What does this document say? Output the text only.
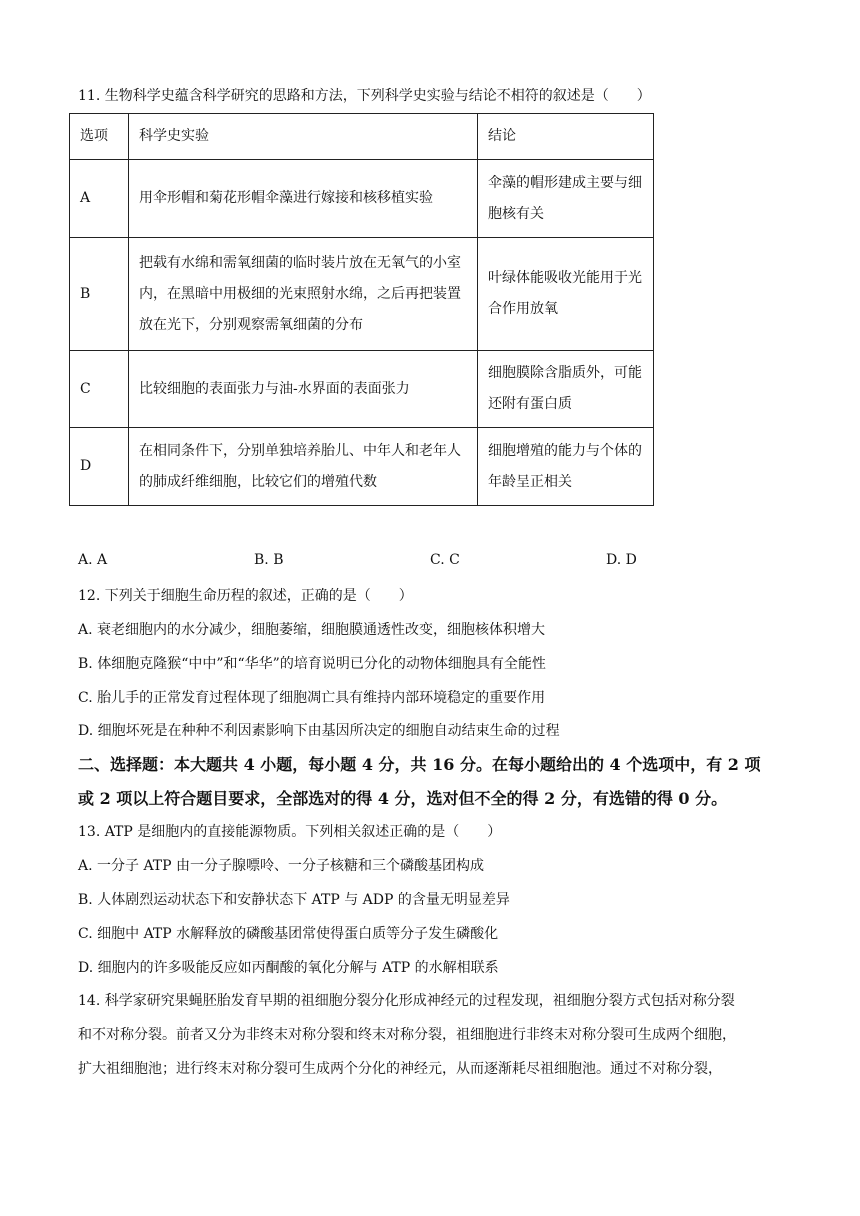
11. 生物科学史蕴含科学研究的思路和方法，下列科学史实验与结论不相符的叙述是（　　）
选项	科学史实验	结论
A	用伞形帽和菊花形帽伞藻进行嫁接和核移植实验	伞藻的帽形建成主要与细胞核有关
B	把载有水绵和需氧细菌的临时装片放在无氧气的小室内，在黑暗中用极细的光束照射水绵，之后再把装置放在光下，分别观察需氧细菌的分布	叶绿体能吸收光能用于光合作用放氧
C	比较细胞的表面张力与油-水界面的表面张力	细胞膜除含脂质外，可能还附有蛋白质
D	在相同条件下，分别单独培养胎儿、中年人和老年人的肺成纤维细胞，比较它们的增殖代数	细胞增殖的能力与个体的年龄呈正相关
A. A	B. B	C. C	D. D
12. 下列关于细胞生命历程的叙述，正确的是（　　）
A. 衰老细胞内的水分减少，细胞萎缩，细胞膜通透性改变，细胞核体积增大
B. 体细胞克隆猴“中中”和“华华”的培育说明已分化的动物体细胞具有全能性
C. 胎儿手的正常发育过程体现了细胞凋亡具有维持内部环境稳定的重要作用
D. 细胞坏死是在种种不利因素影响下由基因所决定的细胞自动结束生命的过程
二、选择题：本大题共 4 小题，每小题 4 分，共 16 分。在每小题给出的 4 个选项中，有 2 项
或 2 项以上符合题目要求，全部选对的得 4 分，选对但不全的得 2 分，有选错的得 0 分。
13. ATP 是细胞内的直接能源物质。下列相关叙述正确的是（　　）
A. 一分子 ATP 由一分子腺嘌呤、一分子核糖和三个磷酸基团构成
B. 人体剧烈运动状态下和安静状态下 ATP 与 ADP 的含量无明显差异
C. 细胞中 ATP 水解释放的磷酸基团常使得蛋白质等分子发生磷酸化
D. 细胞内的许多吸能反应如丙酮酸的氧化分解与 ATP 的水解相联系
14. 科学家研究果蝇胚胎发育早期的祖细胞分裂分化形成神经元的过程发现，祖细胞分裂方式包括对称分裂
和不对称分裂。前者又分为非终末对称分裂和终末对称分裂，祖细胞进行非终末对称分裂可生成两个细胞，
扩大祖细胞池；进行终末对称分裂可生成两个分化的神经元，从而逐渐耗尽祖细胞池。通过不对称分裂，
